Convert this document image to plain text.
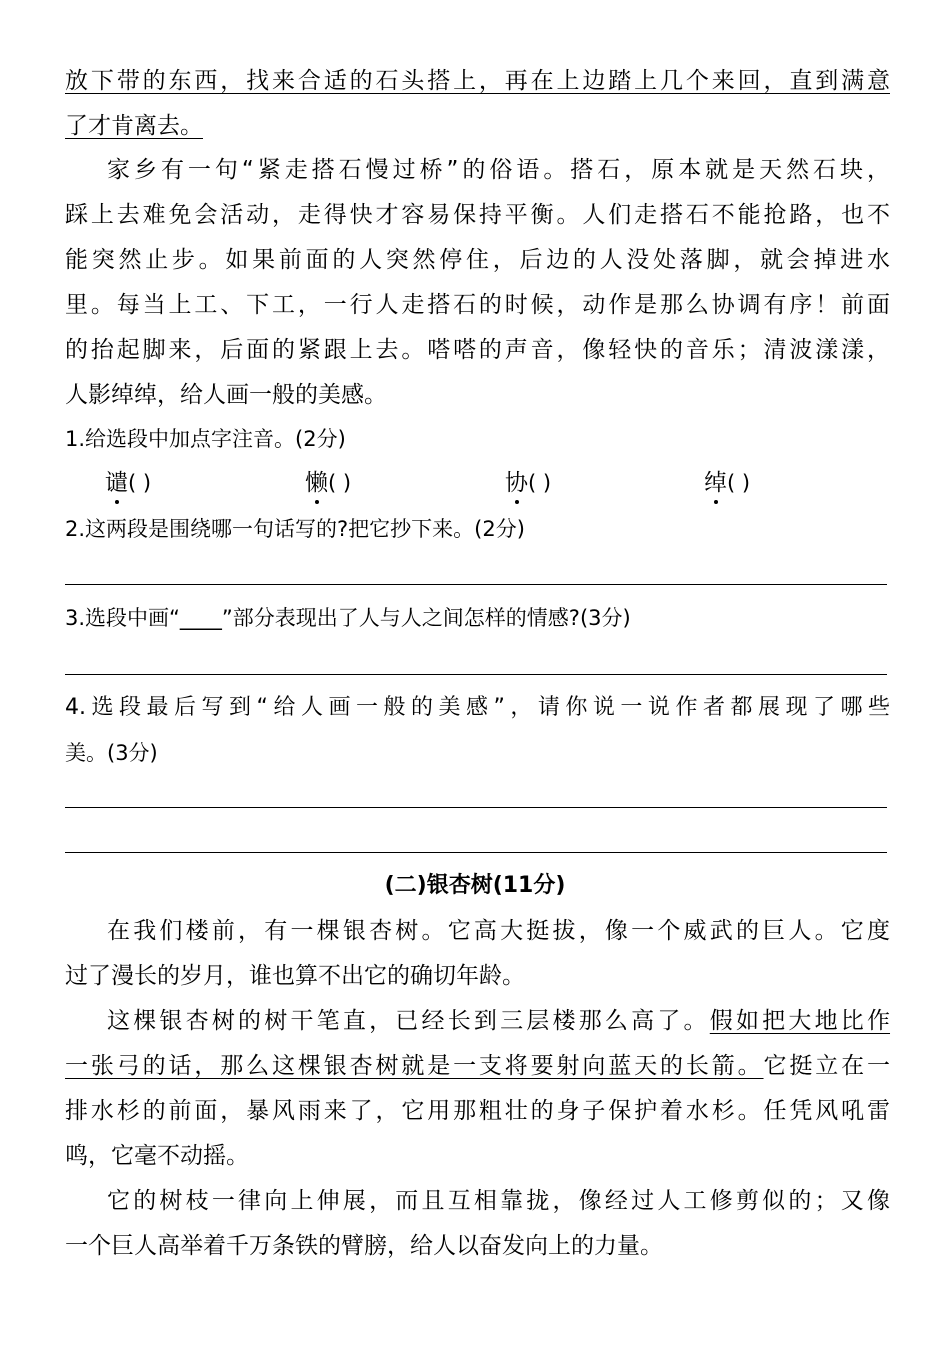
放下带的东西，找来合适的石头搭上，再在上边踏上几个来回，直到满意
了才肯离去。
家乡有一句“紧走搭石慢过桥”的俗语。搭石，原本就是天然石块，
踩上去难免会活动，走得快才容易保持平衡。人们走搭石不能抢路，也不
能突然止步。如果前面的人突然停住，后边的人没处落脚，就会掉进水
里。每当上工、下工，一行人走搭石的时候，动作是那么协调有序！前面
的抬起脚来，后面的紧跟上去。嗒嗒的声音，像轻快的音乐；清波漾漾，
人影绰绰，给人画一般的美感。
1.给选段中加点字注音。(2分)
谴( )	懒( )	协( )	绰( )
2.这两段是围绕哪一句话写的?把它抄下来。(2分)
3.选段中画“____”部分表现出了人与人之间怎样的情感?(3分)
4.选段最后写到“给人画一般的美感”，请你说一说作者都展现了哪些
美。(3分)
(二)银杏树(11分)
在我们楼前，有一棵银杏树。它高大挺拔，像一个威武的巨人。它度
过了漫长的岁月，谁也算不出它的确切年龄。
这棵银杏树的树干笔直，已经长到三层楼那么高了。假如把大地比作
一张弓的话，那么这棵银杏树就是一支将要射向蓝天的长箭。它挺立在一
排水杉的前面，暴风雨来了，它用那粗壮的身子保护着水杉。任凭风吼雷
鸣，它毫不动摇。
它的树枝一律向上伸展，而且互相靠拢，像经过人工修剪似的；又像
一个巨人高举着千万条铁的臂膀，给人以奋发向上的力量。
